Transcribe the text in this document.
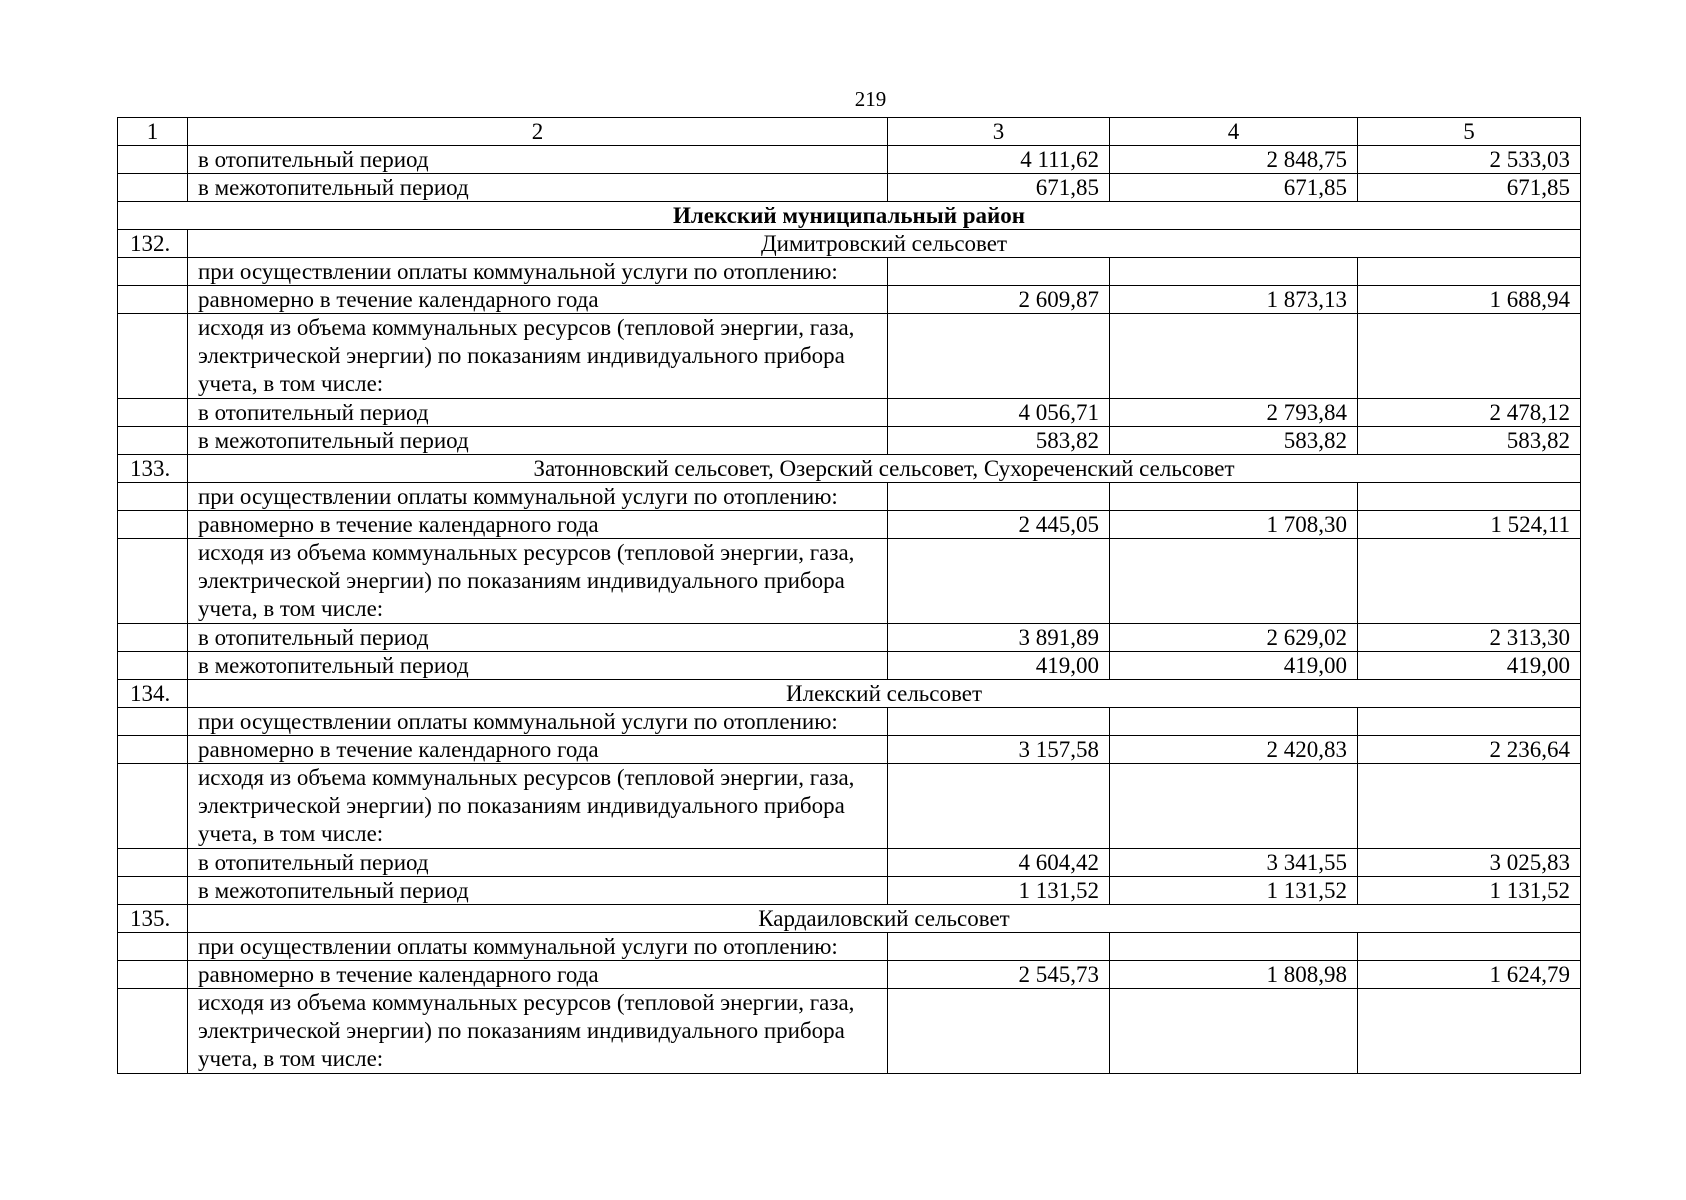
219
1	2	3	4	5
	в отопительный период	4 111,62	2 848,75	2 533,03
	в межотопительный период	671,85	671,85	671,85
Илекский муниципальный район				
132.	Димитровский сельсовет			
	при осуществлении оплаты коммунальной услуги по отоплению:			
	равномерно в течение календарного года	2 609,87	1 873,13	1 688,94
	исходя из объема коммунальных ресурсов (тепловой энергии, газа, электрической энергии) по показаниям индивидуального прибора учета, в том числе:			
	в отопительный период	4 056,71	2 793,84	2 478,12
	в межотопительный период	583,82	583,82	583,82
133.	Затонновский сельсовет, Озерский сельсовет, Сухореченский сельсовет			
	при осуществлении оплаты коммунальной услуги по отоплению:			
	равномерно в течение календарного года	2 445,05	1 708,30	1 524,11
	исходя из объема коммунальных ресурсов (тепловой энергии, газа, электрической энергии) по показаниям индивидуального прибора учета, в том числе:			
	в отопительный период	3 891,89	2 629,02	2 313,30
	в межотопительный период	419,00	419,00	419,00
134.	Илекский сельсовет			
	при осуществлении оплаты коммунальной услуги по отоплению:			
	равномерно в течение календарного года	3 157,58	2 420,83	2 236,64
	исходя из объема коммунальных ресурсов (тепловой энергии, газа, электрической энергии) по показаниям индивидуального прибора учета, в том числе:			
	в отопительный период	4 604,42	3 341,55	3 025,83
	в межотопительный период	1 131,52	1 131,52	1 131,52
135.	Кардаиловский сельсовет			
	при осуществлении оплаты коммунальной услуги по отоплению:			
	равномерно в течение календарного года	2 545,73	1 808,98	1 624,79
	исходя из объема коммунальных ресурсов (тепловой энергии, газа, электрической энергии) по показаниям индивидуального прибора учета, в том числе:			
